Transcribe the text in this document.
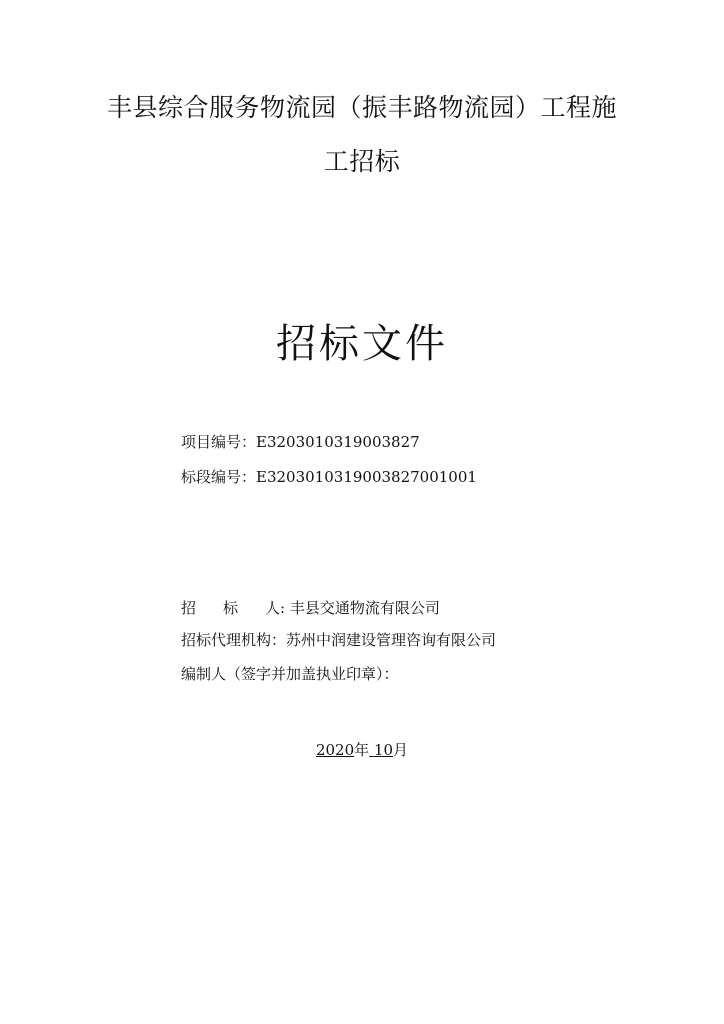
丰县综合服务物流园（振丰路物流园）工程施
工招标
招标文件
项目编号：E3203010319003827
标段编号：E3203010319003827001001
招 标 人: 丰县交通物流有限公司
招标代理机构：苏州中润建设管理咨询有限公司
编制人（签字并加盖执业印章）：
2020年 10月
